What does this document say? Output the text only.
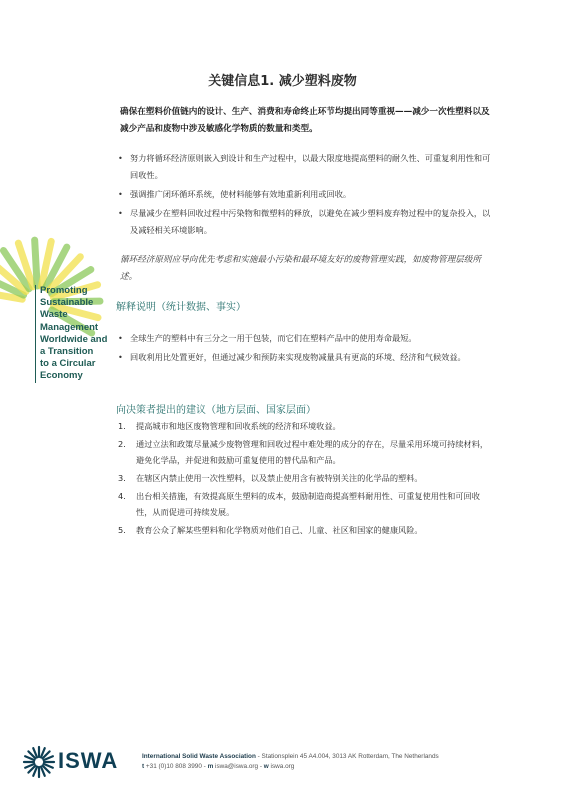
Promoting
Sustainable
Waste
Management
Worldwide and
a Transition
to a Circular
Economy
关键信息1. 减少塑料废物
确保在塑料价值链内的设计、生产、消费和寿命终止环节均提出同等重视——减少一次性塑料以及减少产品和废物中涉及敏感化学物质的数量和类型。
• 努力将循环经济原则嵌入到设计和生产过程中，以最大限度地提高塑料的耐久性、可重复利用性和可回收性。
• 强调推广闭环循环系统，使材料能够有效地重新利用或回收。
• 尽量减少在塑料回收过程中污染物和微塑料的释放，以避免在减少塑料废弃物过程中的复杂投入，以及减轻相关环境影响。
循环经济原则应导向优先考虑和实施最小污染和最环境友好的废物管理实践，如废物管理层级所述。
解释说明（统计数据、事实）
• 全球生产的塑料中有三分之一用于包装，而它们在塑料产品中的使用寿命最短。
• 回收利用比处置更好，但通过减少和预防来实现废物减量具有更高的环境、经济和气候效益。
向决策者提出的建议（地方层面、国家层面）
1. 提高城市和地区废物管理和回收系统的经济和环境收益。
2. 通过立法和政策尽量减少废物管理和回收过程中难处理的成分的存在，尽量采用环境可持续材料，避免化学品，并促进和鼓励可重复使用的替代品和产品。
3. 在辖区内禁止使用一次性塑料，以及禁止使用含有被特别关注的化学品的塑料。
4. 出台相关措施，有效提高原生塑料的成本，鼓励制造商提高塑料耐用性、可重复使用性和可回收性，从而促进可持续发展。
5. 教育公众了解某些塑料和化学物质对他们自己、儿童、社区和国家的健康风险。
ISWA	International Solid Waste Association - Stationsplein 45 A4.004, 3013 AK Rotterdam, The Netherlands
t +31 (0)10 808 3990 - m iswa@iswa.org - w iswa.org
